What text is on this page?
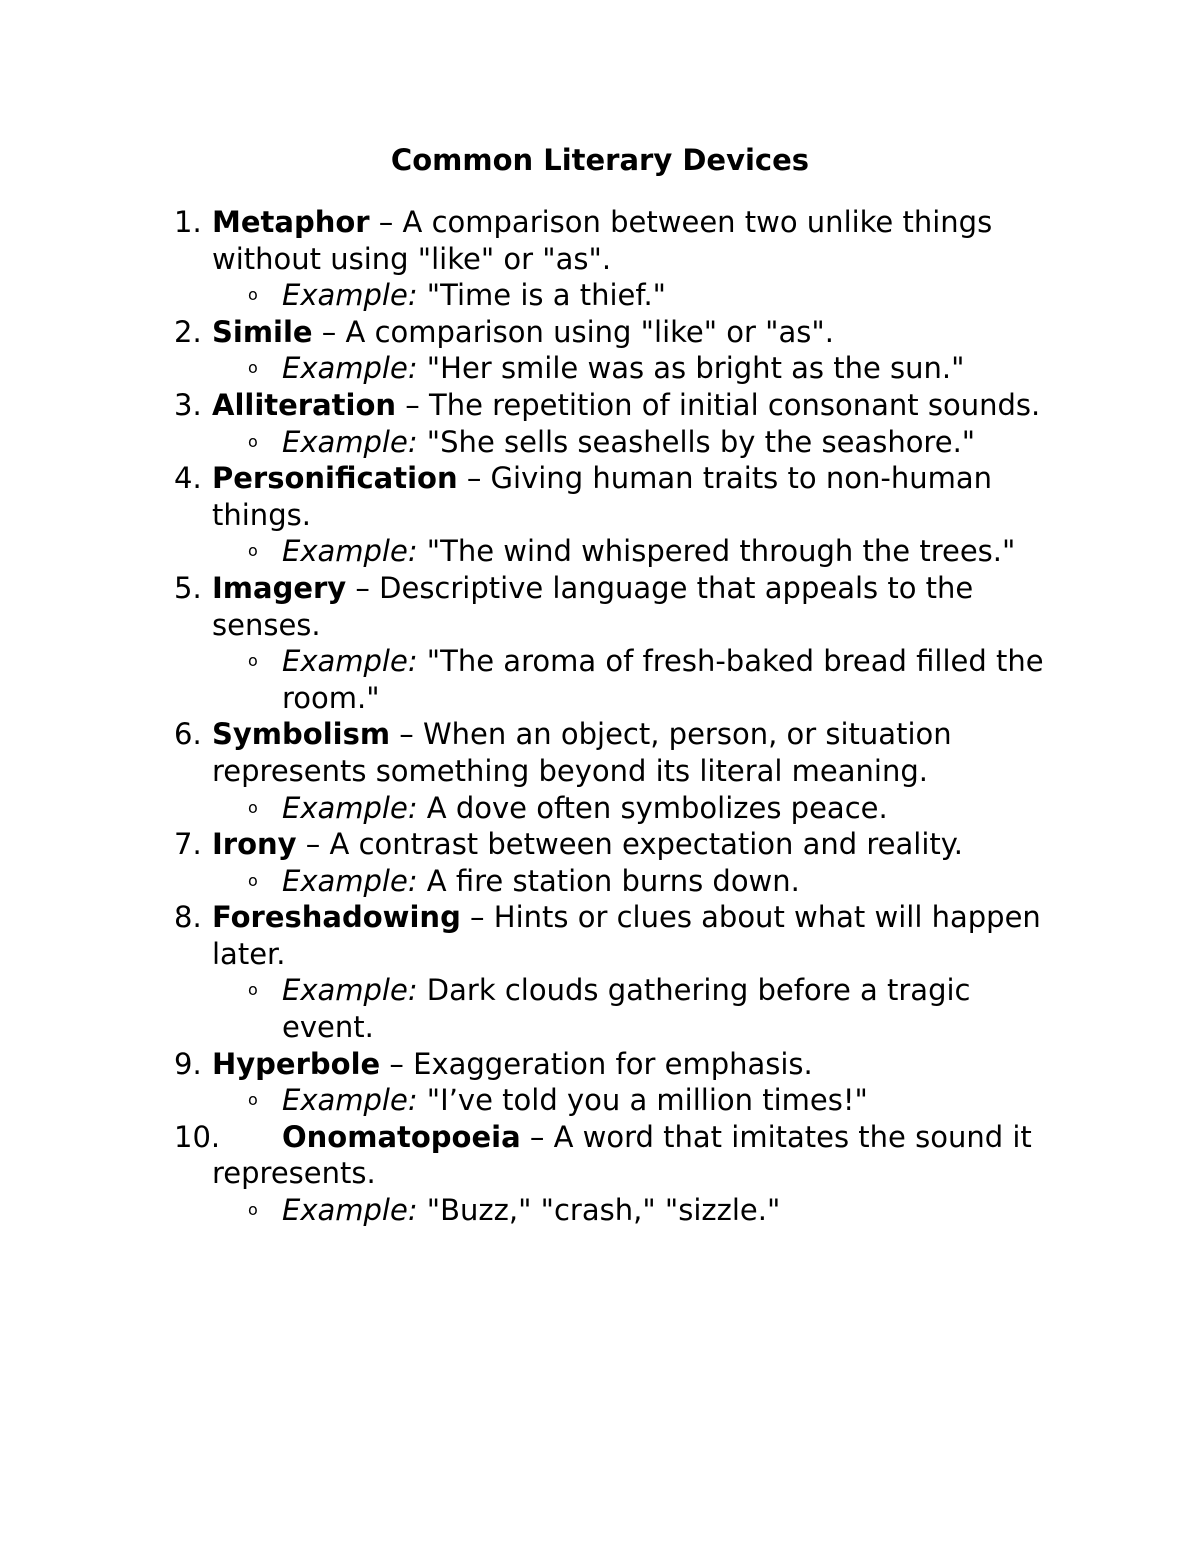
Common Literary Devices
1. Metaphor – A comparison between two unlike things without using "like" or "as".
o Example: "Time is a thief."
2. Simile – A comparison using "like" or "as".
o Example: "Her smile was as bright as the sun."
3. Alliteration – The repetition of initial consonant sounds.
o Example: "She sells seashells by the seashore."
4. Personification – Giving human traits to non-human things.
o Example: "The wind whispered through the trees."
5. Imagery – Descriptive language that appeals to the senses.
o Example: "The aroma of fresh-baked bread filled the room."
6. Symbolism – When an object, person, or situation represents something beyond its literal meaning.
o Example: A dove often symbolizes peace.
7. Irony – A contrast between expectation and reality.
o Example: A fire station burns down.
8. Foreshadowing – Hints or clues about what will happen later.
o Example: Dark clouds gathering before a tragic event.
9. Hyperbole – Exaggeration for emphasis.
o Example: "I’ve told you a million times!"
10. Onomatopoeia – A word that imitates the sound it represents.
o Example: "Buzz," "crash," "sizzle."
